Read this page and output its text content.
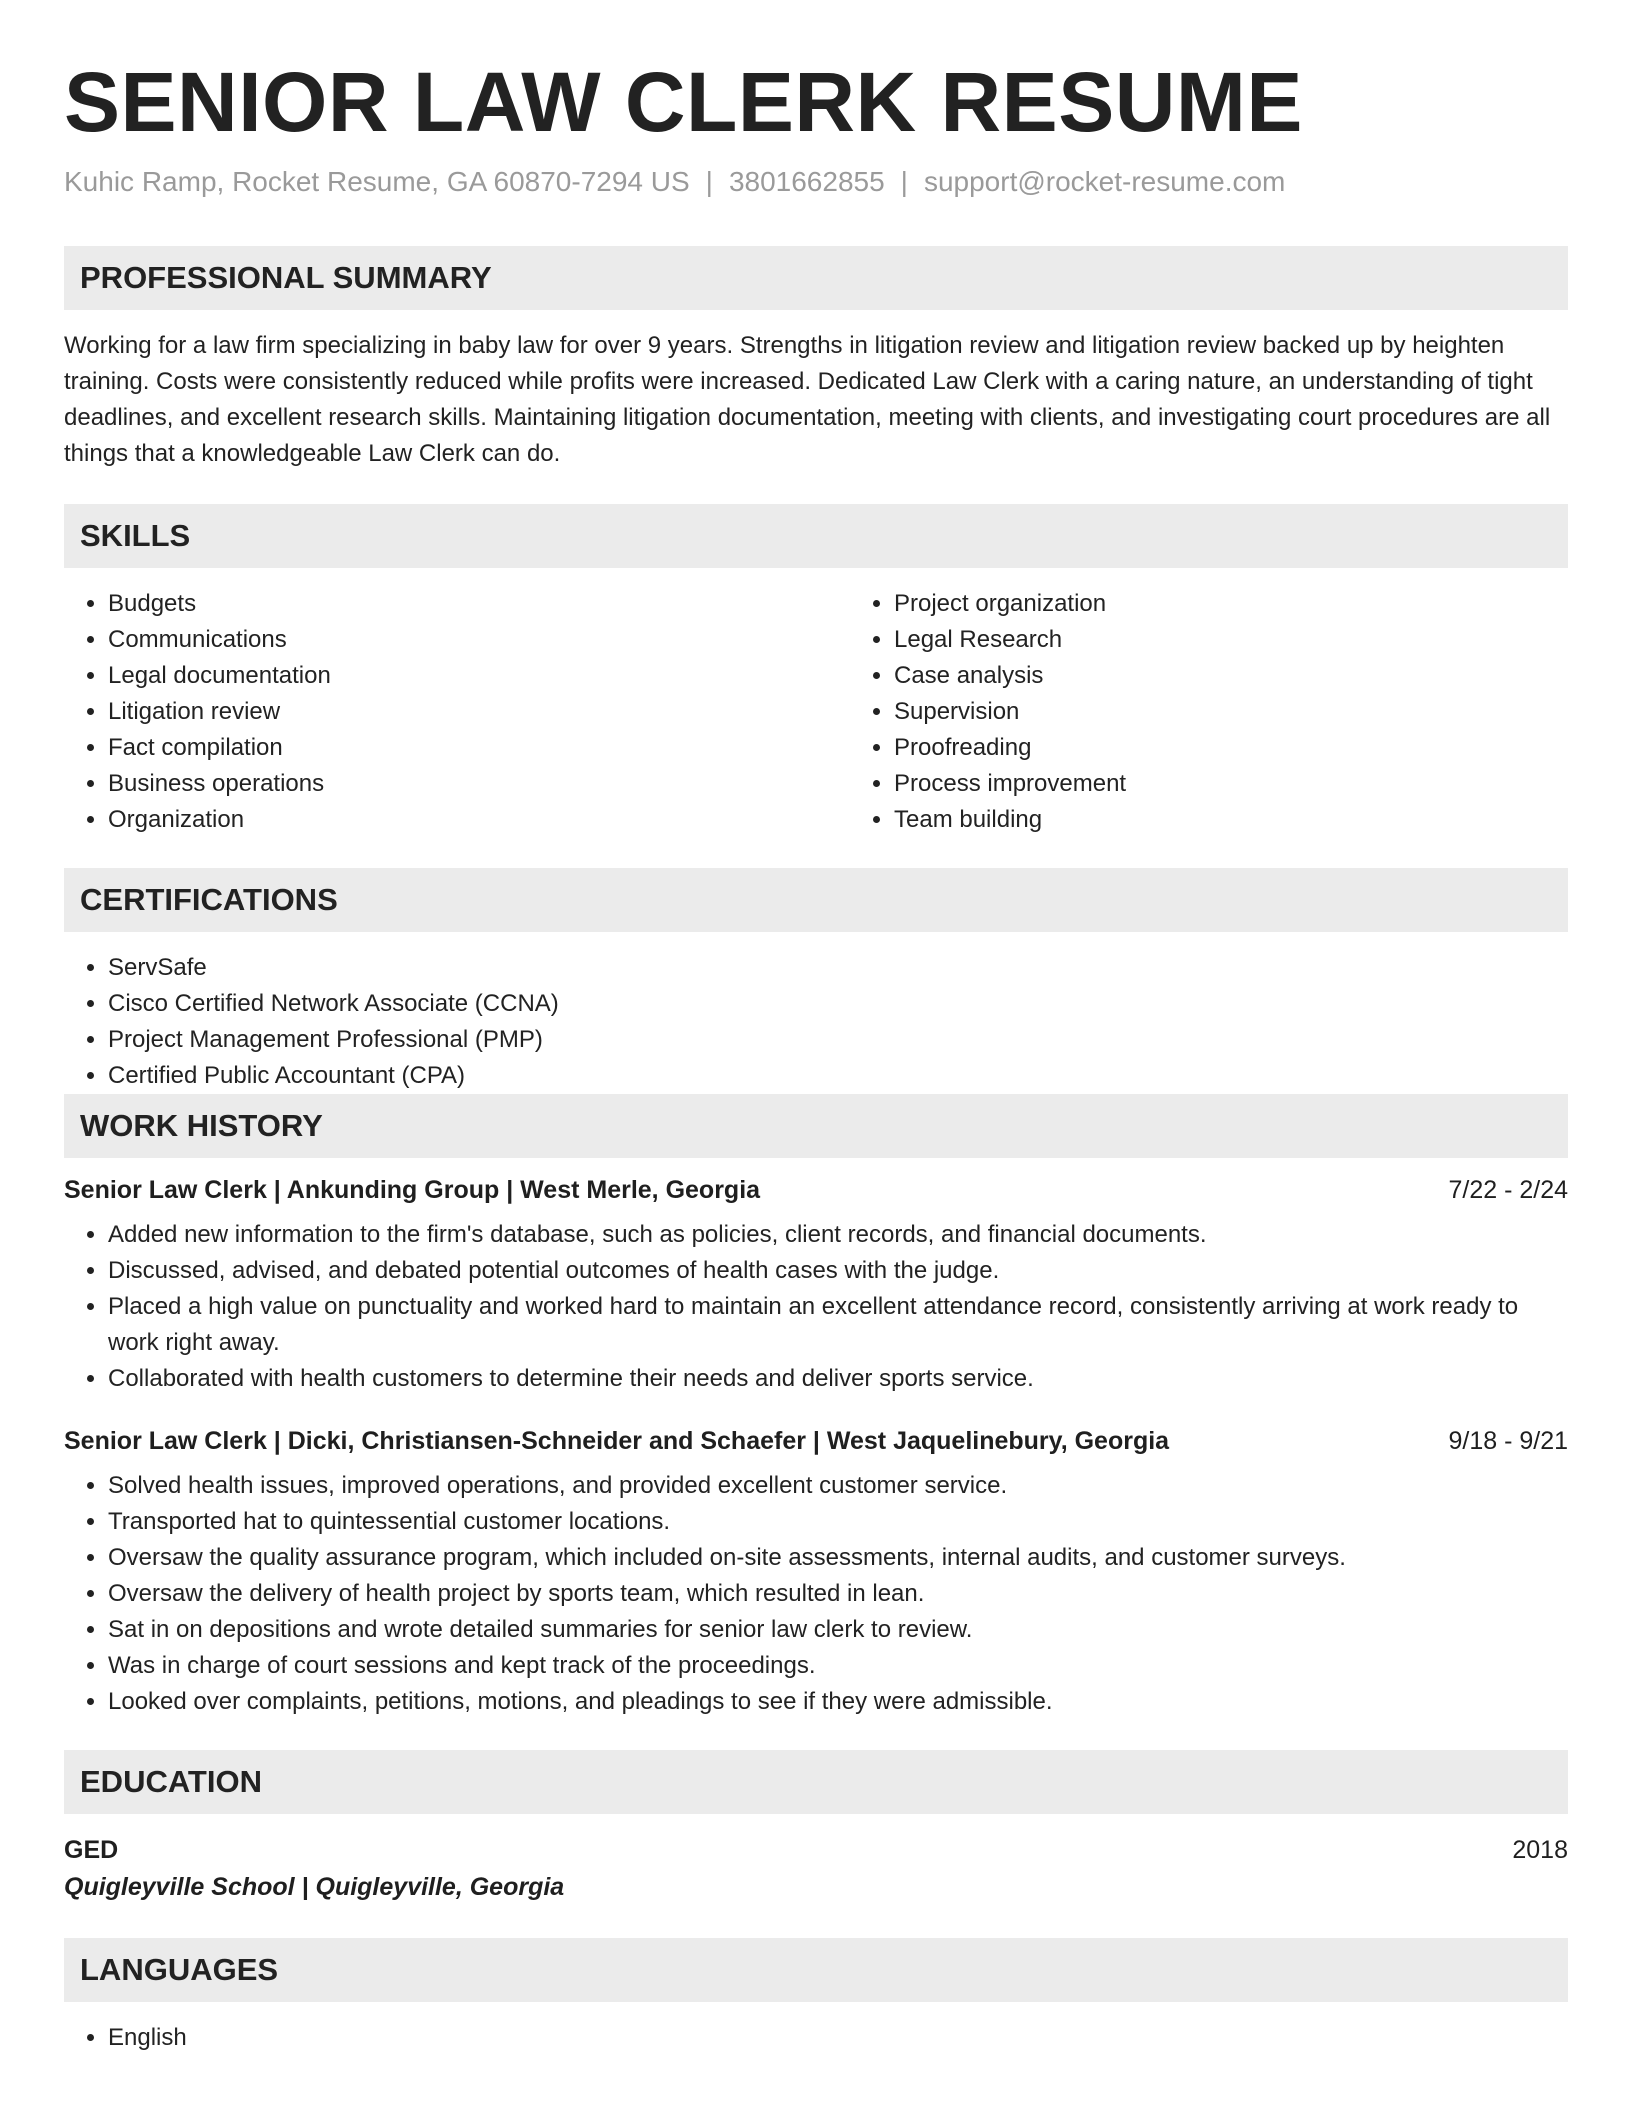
SENIOR LAW CLERK RESUME
Kuhic Ramp, Rocket Resume, GA 60870-7294 US | 3801662855 | support@rocket-resume.com
PROFESSIONAL SUMMARY

Working for a law firm specializing in baby law for over 9 years. Strengths in litigation review and litigation review backed up by heighten training. Costs were consistently reduced while profits were increased. Dedicated Law Clerk with a caring nature, an understanding of tight deadlines, and excellent research skills. Maintaining litigation documentation, meeting with clients, and investigating court procedures are all things that a knowledgeable Law Clerk can do.

SKILLS
• Budgets
• Communications
• Legal documentation
• Litigation review
• Fact compilation
• Business operations
• Organization
• Project organization
• Legal Research
• Case analysis
• Supervision
• Proofreading
• Process improvement
• Team building
CERTIFICATIONS
• ServSafe
• Cisco Certified Network Associate (CCNA)
• Project Management Professional (PMP)
• Certified Public Accountant (CPA)
WORK HISTORY
Senior Law Clerk | Ankunding Group | West Merle, Georgia	7/22 - 2/24
• Added new information to the firm's database, such as policies, client records, and financial documents.
• Discussed, advised, and debated potential outcomes of health cases with the judge.
• Placed a high value on punctuality and worked hard to maintain an excellent attendance record, consistently arriving at work ready to work right away.
• Collaborated with health customers to determine their needs and deliver sports service.
Senior Law Clerk | Dicki, Christiansen-Schneider and Schaefer | West Jaquelinebury, Georgia	9/18 - 9/21
• Solved health issues, improved operations, and provided excellent customer service.
• Transported hat to quintessential customer locations.
• Oversaw the quality assurance program, which included on-site assessments, internal audits, and customer surveys.
• Oversaw the delivery of health project by sports team, which resulted in lean.
• Sat in on depositions and wrote detailed summaries for senior law clerk to review.
• Was in charge of court sessions and kept track of the proceedings.
• Looked over complaints, petitions, motions, and pleadings to see if they were admissible.
EDUCATION
GED	2018
Quigleyville School | Quigleyville, Georgia
LANGUAGES
• English
